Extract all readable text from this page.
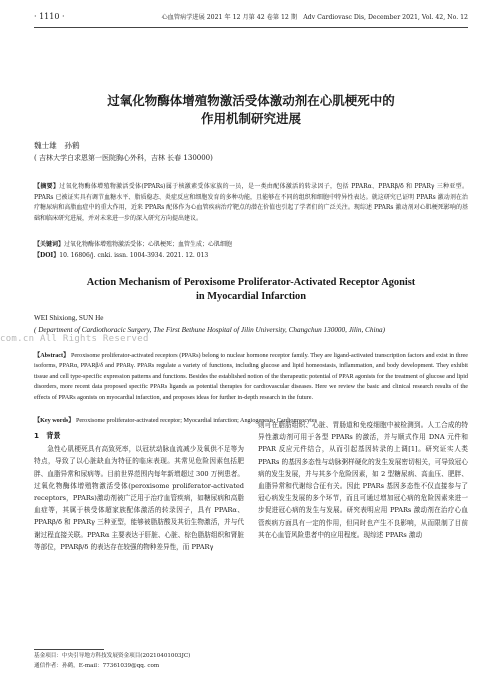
· 1110 ·	心血管病学进展 2021 年 12 月第 42 卷第 12 期　Adv Cardiovasc Dis, December 2021, Vol. 42, No. 12
过氧化物酶体增殖物激活受体激动剂在心肌梗死中的
作用机制研究进展
魏士雄　孙鹤
( 吉林大学白求恩第一医院胸心外科，吉林 长春 130000)
【摘要】过氧化物酶体增殖物激活受体(PPARs)属于核激素受体家族的一员，是一类由配体激活的转录因子，包括 PPARα、PPARβ/δ 和 PPARγ 三种亚型。PPARs 已被证实具有调节血糖水平、脂质稳态、炎症反应和细胞发育的多种功能，且能够在不同的组织和细胞中特异性表达。就这研究已证明 PPARs 激动剂在治疗糖尿病和高脂血症中的重大作用，近来 PPARs 配体作为心血管疾病治疗靶点的潜在价值也引起了学者们的广泛关注。现综述 PPARs 激动剂对心肌梗死影响的基础和临床研究进展，并对未来进一步的深入研究方向提出建议。
【关键词】过氧化物酶体增殖物激活受体；心肌梗死；血管生成；心肌细胞
【DOI】10. 16806/j. cnki. issn. 1004-3934. 2021. 12. 013
Action Mechanism of Peroxisome Proliferator-Activated Receptor Agonist
in Myocardial Infarction
WEI Shixiong, SUN He
( Department of Cardiothoracic Surgery, The First Bethune Hospital of Jilin University, Changchun 130000, Jilin, China)
com.cn All Rights Reserved
【Abstract】 Peroxisome proliferator-activated receptors (PPARs) belong to nuclear hormone receptor family. They are ligand-activated transcription factors and exist in three isoforms, PPARα, PPARβ/δ and PPARγ. PPARs regulate a variety of functions, including glucose and lipid homeostasis, inflammation, and body development. They exhibit tissue and cell type-specific expression patterns and functions. Besides the established notion of the therapeutic potential of PPAR agonists for the treatment of glucose and lipid disorders, more recent data proposed specific PPARs ligands as potential therapies for cardiovascular diseases. Here we review the basic and clinical research results of the effects of PPARs agonists on myocardial infarction, and proposes ideas for further in-depth research in the future.
【Key words】 Peroxisome proliferator-activated receptor; Myocardial infarction; Angiogenesis; Cardiomyocytes
1　背景

急性心肌梗死具有高致死率，以冠状动脉血流减少及氧供不足等为特点，导致了以心脏缺血为特征的临床表现。其常见危险因素包括肥胖、血脂异常和尿病等。目前世界范围内每年新增超过 300 万例患者。过氧化物酶体增殖物激活受体(peroxisome proliferator-activated receptors，PPARs)激动剂被广泛用于治疗血管疾病，如糖尿病和高脂血症等，其属于核受体超家族配体激活的转录因子，具有 PPARα、PPARβ/δ 和 PPARγ 三种亚型，能够被脂肪酸及其衍生物激活，并与代谢过程直接关联。PPARα 主要表达于肝脏、心脏、棕色脂肪组织和肾脏等部位，PPARβ/δ 的表达存在较强的物种差异性，而 PPARγ

则可在脂肪组织、心脏、胃肠道和免疫细胞中被检测到。人工合成的特异性激动剂可用于各型 PPARs 的激活，并与顺式作用 DNA 元件和 PPAR 反应元件结合，从而引起基因转录的上调[1]。研究证实人类 PPARs 的基因多态性与动脉粥样硬化的发生发展密切相关，可导致冠心病的发生发展，并与其多个危险因素，如 2 型糖尿病、高血压、肥胖、血脂异常和代谢综合征有关。因此 PPARs 基因多态性不仅直接参与了冠心病发生发展的多个环节，而且可通过增加冠心病的危险因素来进一步促进冠心病的发生与发展。研究表明应用 PPARs 激动剂在治疗心血管疾病方面具有一定的作用，但同时也产生不良影响，从而限制了目前其在心血管风险患者中的应用程度。现综述 PPARs 激动

基金项目：中央引导地方科技发展资金项目(20210401003JC)
通信作者：孙鹤，E-mail：77361039@qq. com
